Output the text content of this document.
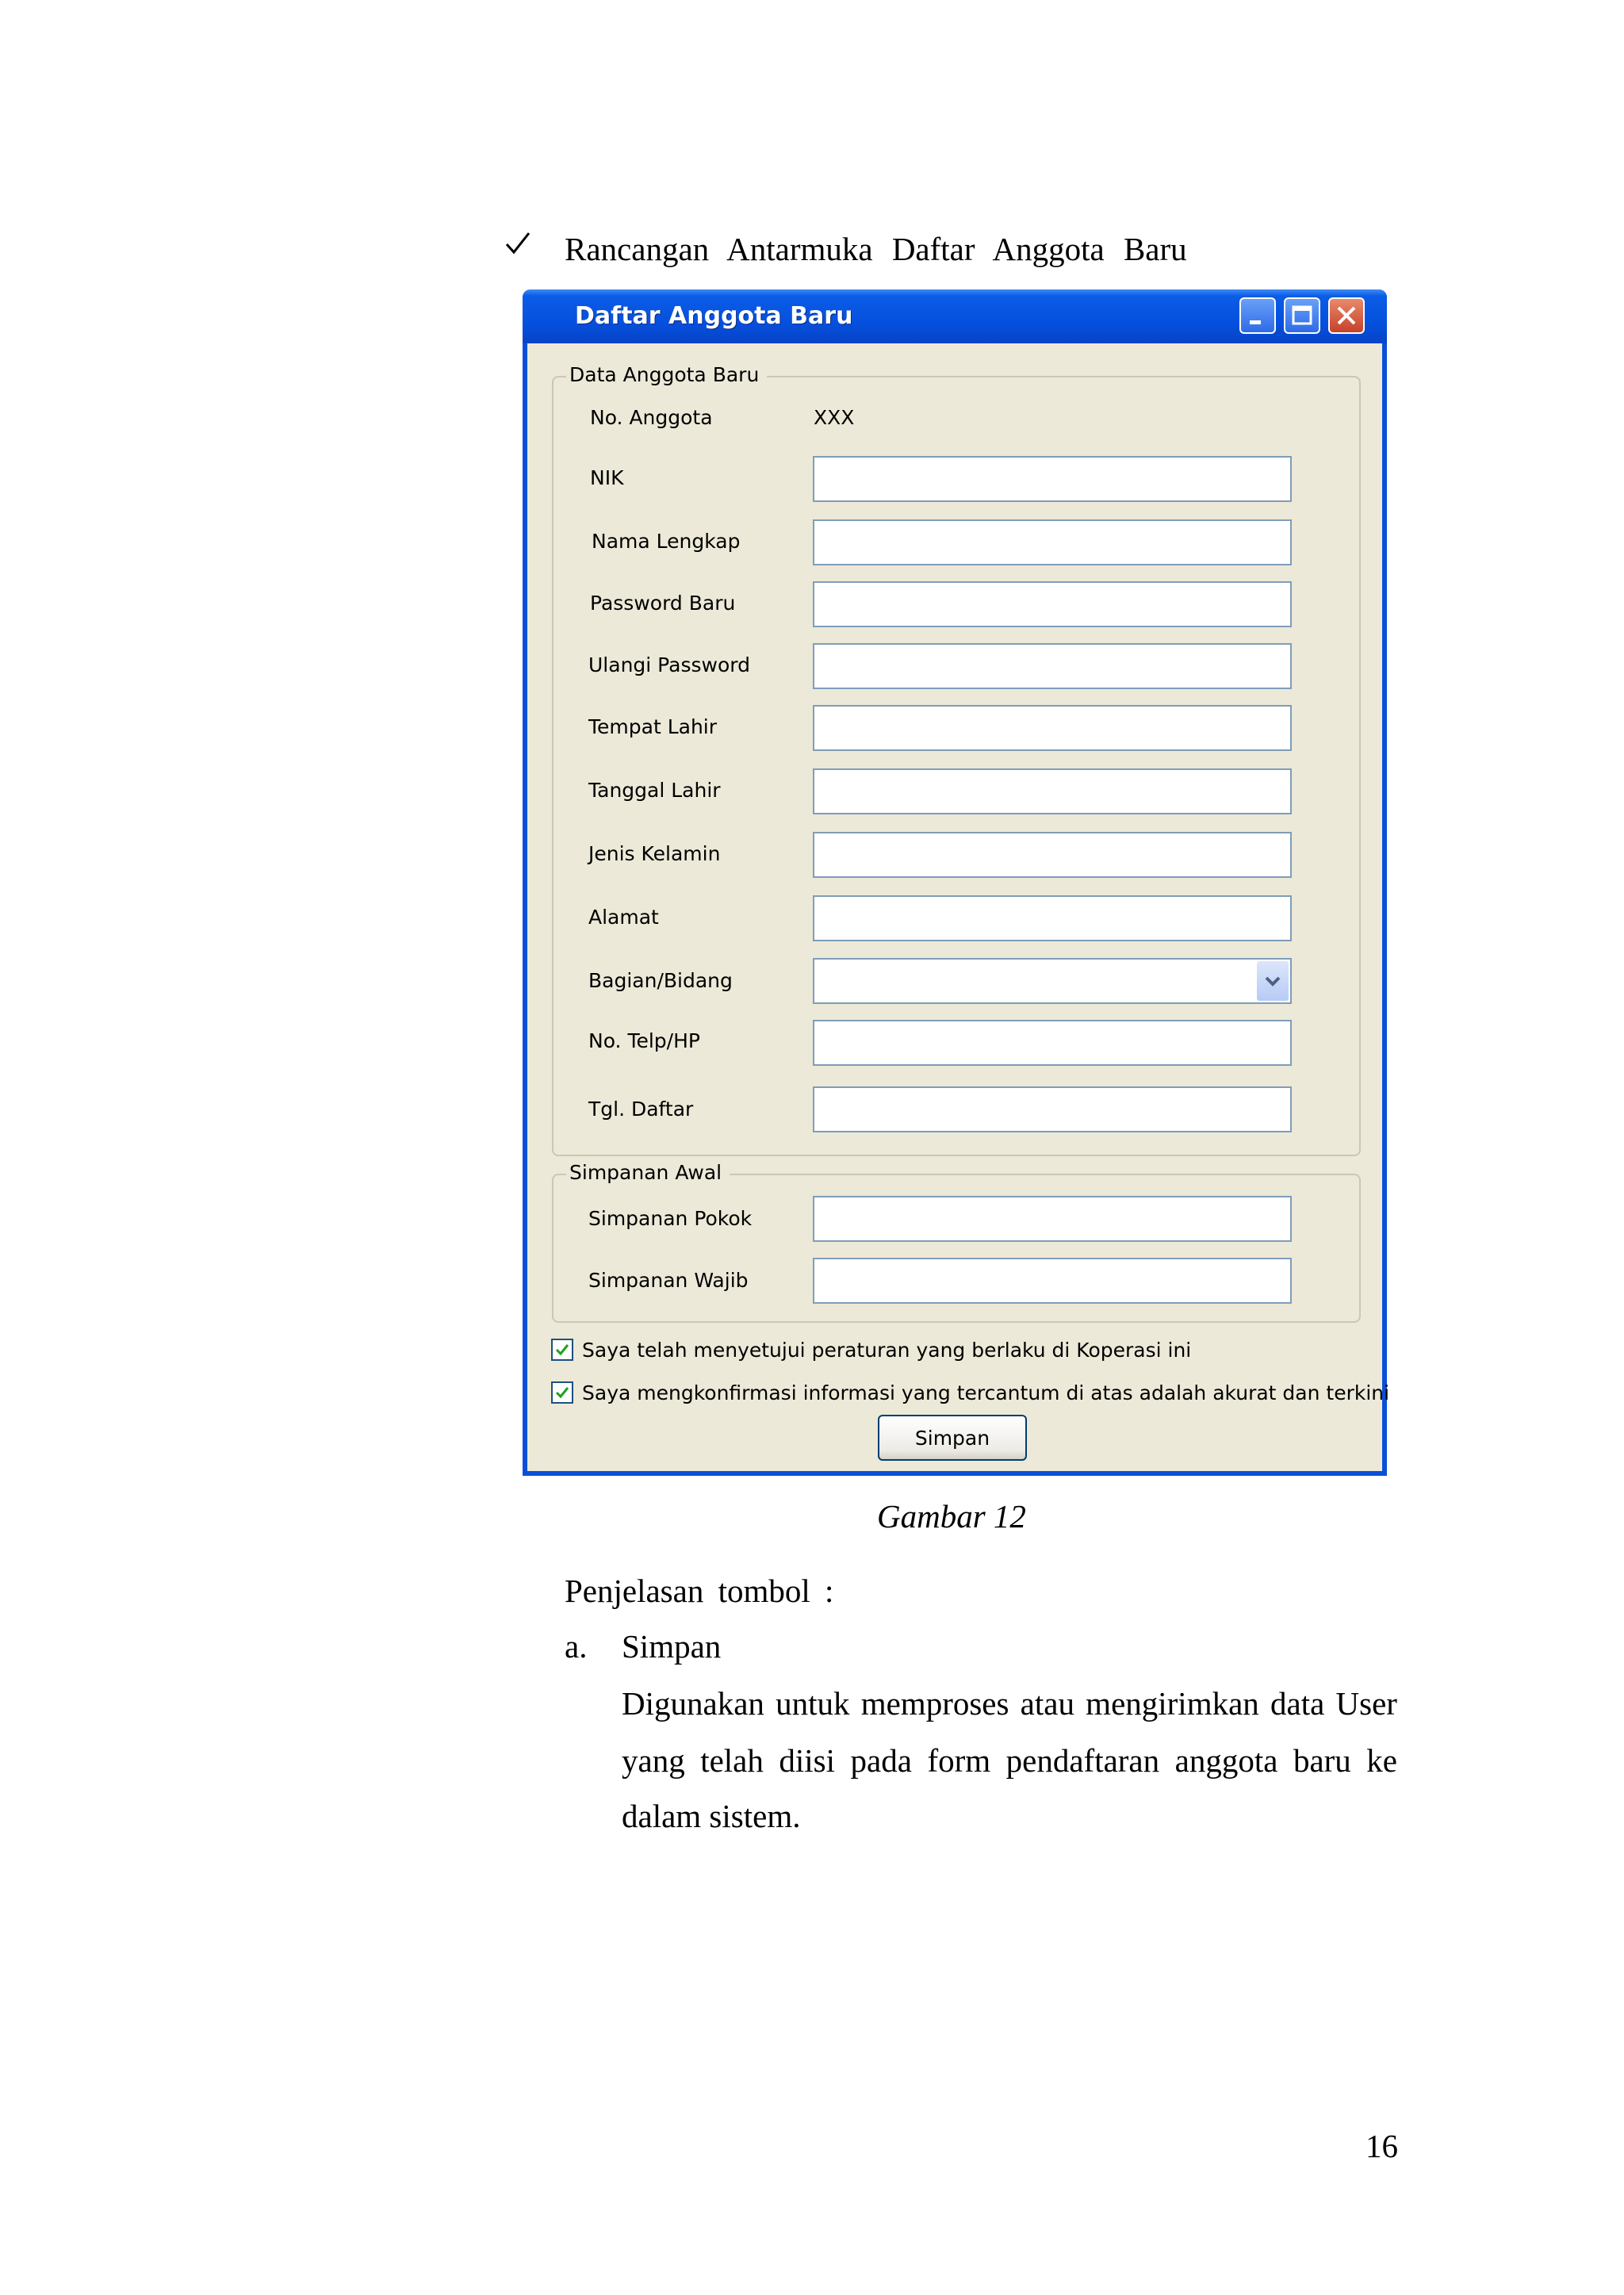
Rancangan Antarmuka Daftar Anggota Baru
Daftar Anggota Baru
Data Anggota Baru
No. Anggota	XXX
NIK
Nama Lengkap
Password Baru
Ulangi Password
Tempat Lahir
Tanggal Lahir
Jenis Kelamin
Alamat
Bagian/Bidang
No. Telp/HP
Tgl. Daftar
Simpanan Awal
Simpanan Pokok
Simpanan Wajib
Saya telah menyetujui peraturan yang berlaku di Koperasi ini
Saya mengkonfirmasi informasi yang tercantum di atas adalah akurat dan terkini
Simpan
Gambar 12
Penjelasan tombol :
a. Simpan
Digunakan untuk memproses atau mengirimkan data User
yang telah diisi pada form pendaftaran anggota baru ke
dalam sistem.
16
